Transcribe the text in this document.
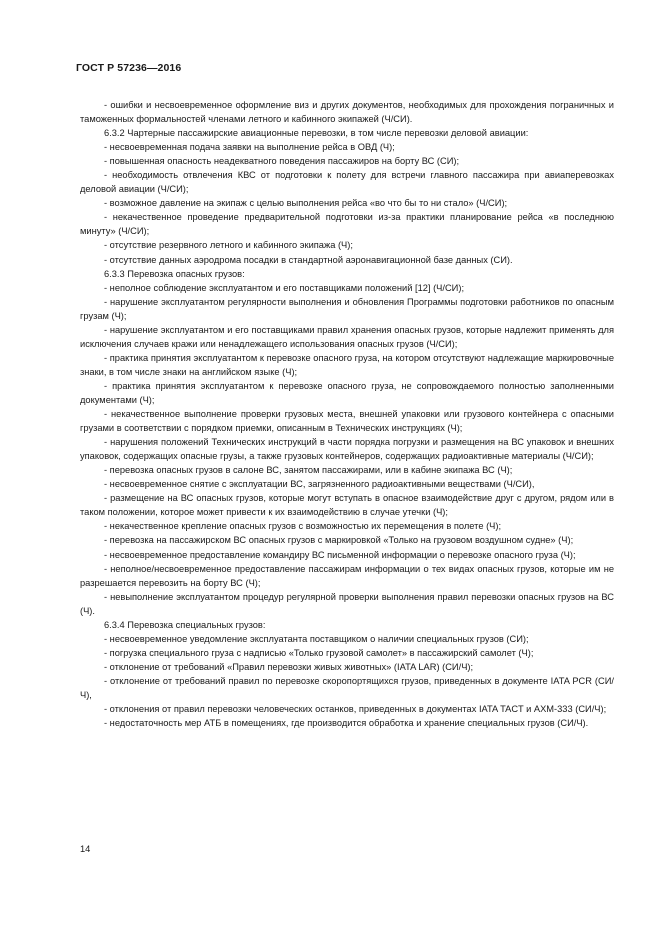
ГОСТ Р 57236—2016

- ошибки и несвоевременное оформление виз и других документов, необходимых для прохождения пограничных и таможенных формальностей членами летного и кабинного экипажей (Ч/СИ).

6.3.2 Чартерные пассажирские авиационные перевозки, в том числе перевозки деловой авиации:

- несвоевременная подача заявки на выполнение рейса в ОВД (Ч);

- повышенная опасность неадекватного поведения пассажиров на борту ВС (СИ);

- необходимость отвлечения КВС от подготовки к полету для встречи главного пассажира при авиаперевозках деловой авиации (Ч/СИ);

- возможное давление на экипаж с целью выполнения рейса «во что бы то ни стало» (Ч/СИ);

- некачественное проведение предварительной подготовки из-за практики планирование рейса «в последнюю минуту» (Ч/СИ);

- отсутствие резервного летного и кабинного экипажа (Ч);

- отсутствие данных аэродрома посадки в стандартной аэронавигационной базе данных (СИ).

6.3.3 Перевозка опасных грузов:

- неполное соблюдение эксплуатантом и его поставщиками положений [12] (Ч/СИ);

- нарушение эксплуатантом регулярности выполнения и обновления Программы подготовки работников по опасным грузам (Ч);

- нарушение эксплуатантом и его поставщиками правил хранения опасных грузов, которые надлежит применять для исключения случаев кражи или ненадлежащего использования опасных грузов (Ч/СИ);

- практика принятия эксплуатантом к перевозке опасного груза, на котором отсутствуют надлежащие маркировочные знаки, в том числе знаки на английском языке (Ч);

- практика принятия эксплуатантом к перевозке опасного груза, не сопровождаемого полностью заполненными документами (Ч);

- некачественное выполнение проверки грузовых места, внешней упаковки или грузового контейнера с опасными грузами в соответствии с порядком приемки, описанным в Технических инструкциях (Ч);

- нарушения положений Технических инструкций в части порядка погрузки и размещения на ВС упаковок и внешних упаковок, содержащих опасные грузы, а также грузовых контейнеров, содержащих радиоактивные материалы (Ч/СИ);

- перевозка опасных грузов в салоне ВС, занятом пассажирами, или в кабине экипажа ВС (Ч);

- несвоевременное снятие с эксплуатации ВС, загрязненного радиоактивными веществами (Ч/СИ),

- размещение на ВС опасных грузов, которые могут вступать в опасное взаимодействие друг с другом, рядом или в таком положении, которое может привести к их взаимодействию в случае утечки (Ч);

- некачественное крепление опасных грузов с возможностью их перемещения в полете (Ч);

- перевозка на пассажирском ВС опасных грузов с маркировкой «Только на грузовом воздушном судне» (Ч);

- несвоевременное предоставление командиру ВС письменной информации о перевозке опасного груза (Ч);

- неполное/несвоевременное предоставление пассажирам информации о тех видах опасных грузов, которые им не разрешается перевозить на борту ВС (Ч);

- невыполнение эксплуатантом процедур регулярной проверки выполнения правил перевозки опасных грузов на ВС (Ч).

6.3.4 Перевозка специальных грузов:

- несвоевременное уведомление эксплуатанта поставщиком о наличии специальных грузов (СИ);

- погрузка специального груза с надписью «Только грузовой самолет» в пассажирский самолет (Ч);

- отклонение от требований «Правил перевозки живых животных» (IATA LAR) (СИ/Ч);

- отклонение от требований правил по перевозке скоропортящихся грузов, приведенных в документе IATA PCR (СИ/Ч),

- отклонения от правил перевозки человеческих останков, приведенных в документах IATA TACT и АХМ-333 (СИ/Ч);

- недостаточность мер АТБ в помещениях, где производится обработка и хранение специальных грузов (СИ/Ч).

14
